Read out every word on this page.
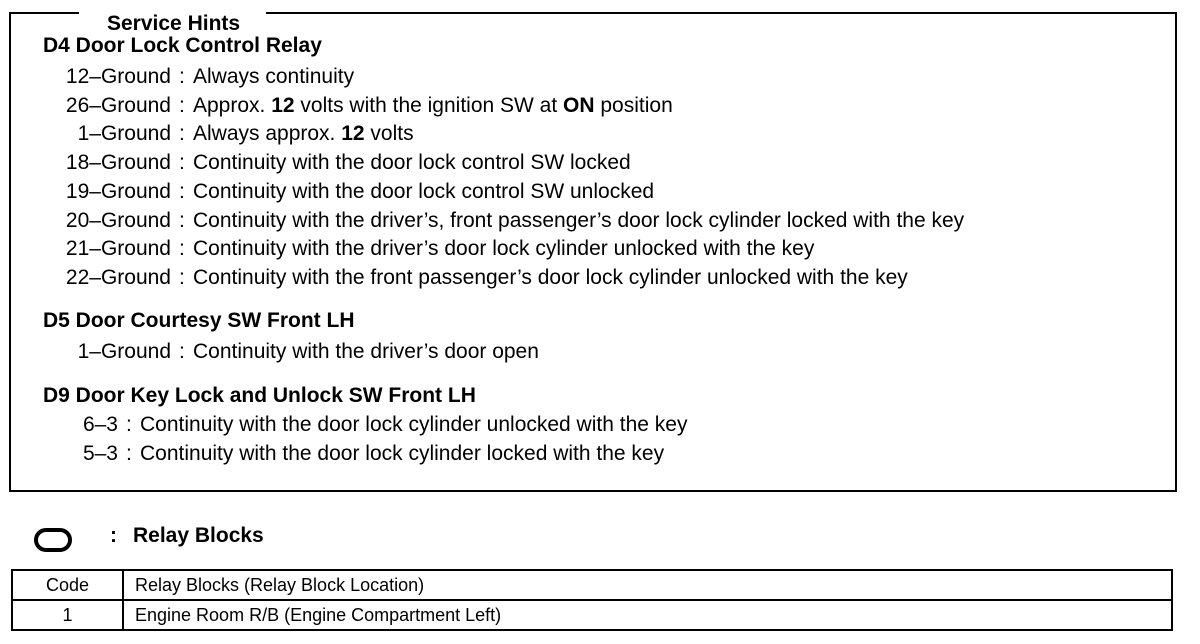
Service Hints
D4 Door Lock Control Relay
12–Ground : Always continuity
26–Ground : Approx. 12 volts with the ignition SW at ON position
1–Ground : Always approx. 12 volts
18–Ground : Continuity with the door lock control SW locked
19–Ground : Continuity with the door lock control SW unlocked
20–Ground : Continuity with the driver’s, front passenger’s door lock cylinder locked with the key
21–Ground : Continuity with the driver’s door lock cylinder unlocked with the key
22–Ground : Continuity with the front passenger’s door lock cylinder unlocked with the key
D5 Door Courtesy SW Front LH
1–Ground : Continuity with the driver’s door open
D9 Door Key Lock and Unlock SW Front LH
6–3 : Continuity with the door lock cylinder unlocked with the key
5–3 : Continuity with the door lock cylinder locked with the key
: Relay Blocks
Code	Relay Blocks (Relay Block Location)
1	Engine Room R/B (Engine Compartment Left)
